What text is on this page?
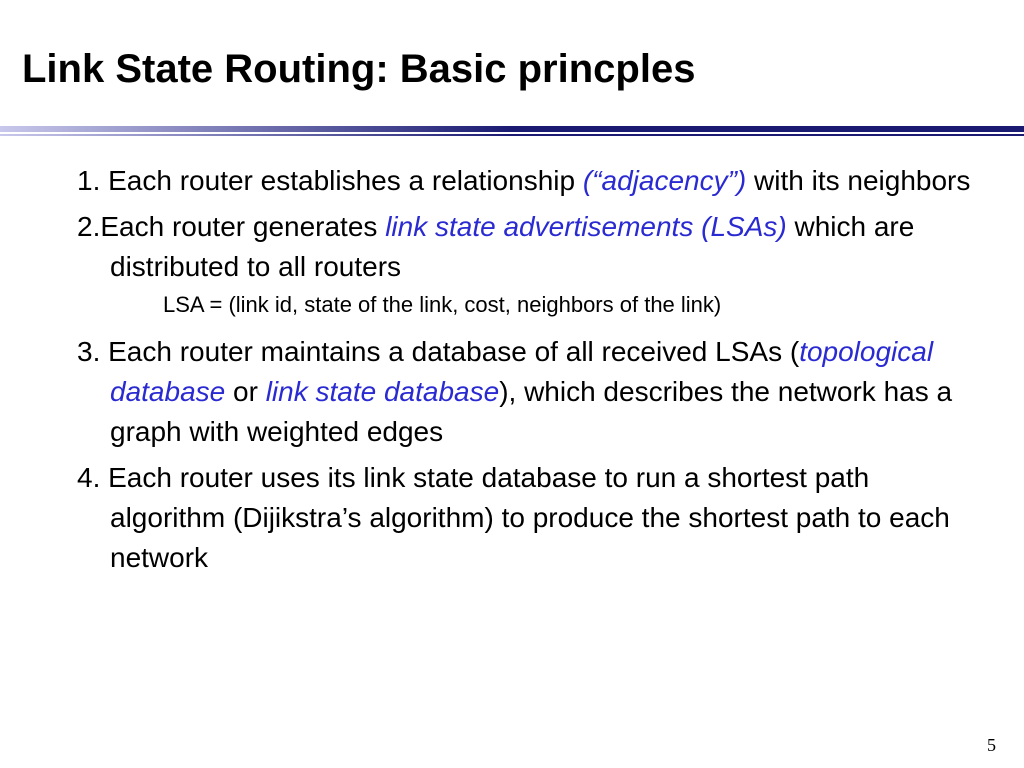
Link State Routing: Basic princples

1. Each router establishes a relationship (“adjacency”) with its neighbors

2.Each router generates link state advertisements (LSAs) which are distributed to all routers

LSA = (link id, state of the link, cost, neighbors of the link)

3. Each router maintains a database of all received LSAs (topological database or link state database), which describes the network has a graph with weighted edges

4. Each router uses its link state database to run a shortest path algorithm (Dijikstra’s algorithm) to produce the shortest path to each network

5
